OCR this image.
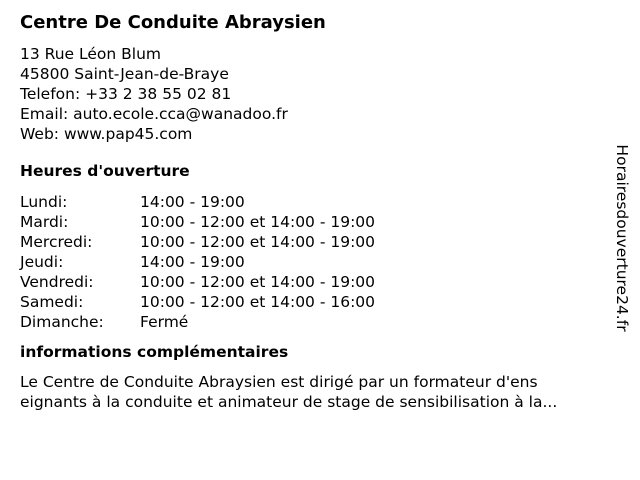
Centre De Conduite Abraysien
13 Rue Léon Blum
45800 Saint-Jean-de-Braye
Telefon: +33 2 38 55 02 81
Email: auto.ecole.cca@wanadoo.fr
Web: www.pap45.com
Heures d'ouverture
Lundi:	14:00 - 19:00
Mardi:	10:00 - 12:00 et 14:00 - 19:00
Mercredi:	10:00 - 12:00 et 14:00 - 19:00
Jeudi:	14:00 - 19:00
Vendredi:	10:00 - 12:00 et 14:00 - 19:00
Samedi:	10:00 - 12:00 et 14:00 - 16:00
Dimanche:	Fermé
informations complémentaires
Le Centre de Conduite Abraysien est dirigé par un formateur d'ens
eignants à la conduite et animateur de stage de sensibilisation à la...
Horairesdouverture24.fr
